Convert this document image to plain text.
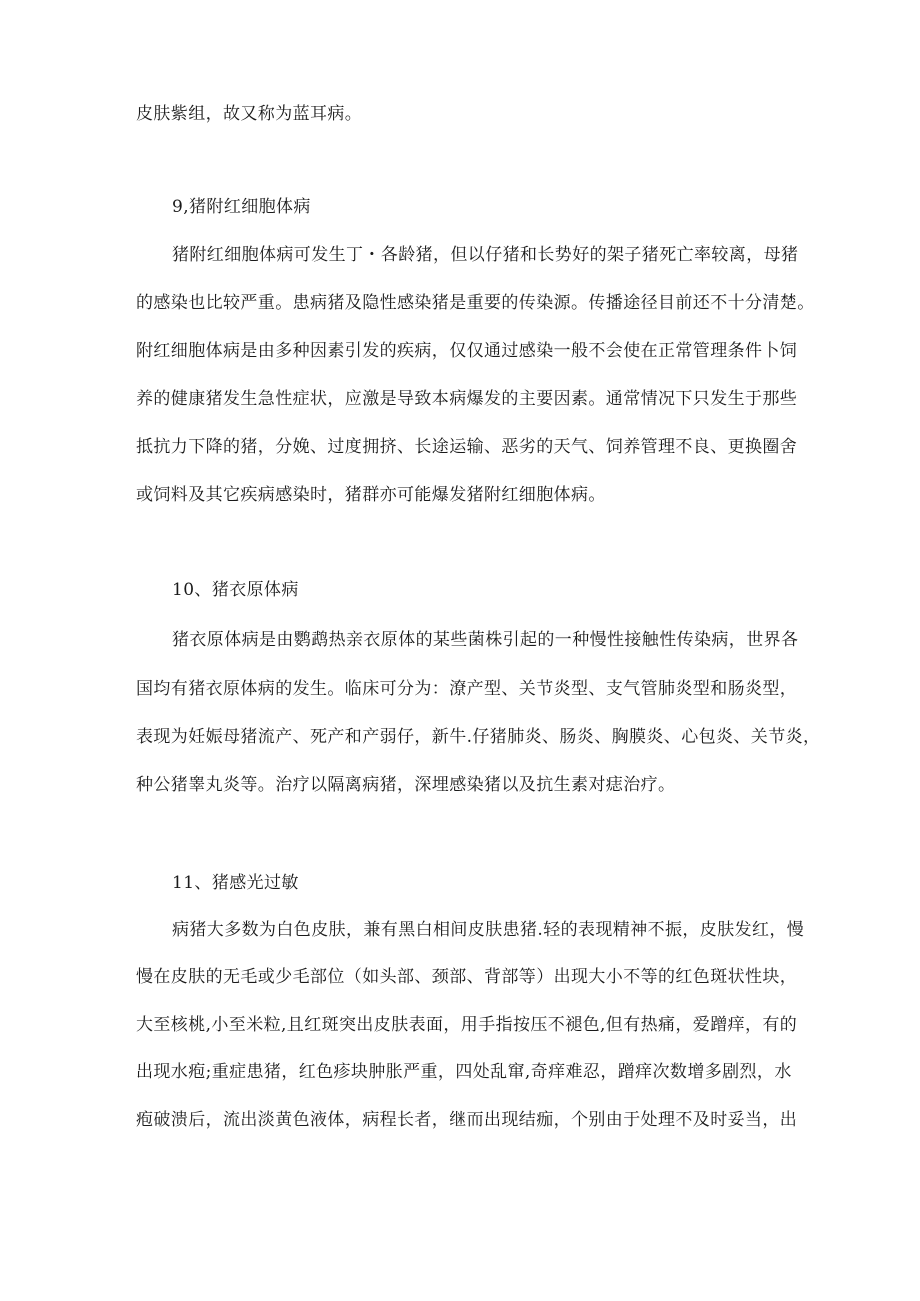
皮肤紫组，故又称为蓝耳病。
9,猪附红细胞体病
猪附红细胞体病可发生丁・各龄猪，但以仔猪和长势好的架子猪死亡率较离，母猪
的感染也比较严重。患病猪及隐性感染猪是重要的传染源。传播途径目前还不十分清楚。
附红细胞体病是由多种因素引发的疾病，仅仅通过感染一般不会使在正常管理条件卜饲
养的健康猪发生急性症状，应激是导致本病爆发的主要因素。通常情况下只发生于那些
抵抗力下降的猪，分娩、过度拥挤、长途运输、恶劣的天气、饲养管理不良、更换圈舍
或饲料及其它疾病感染时，猪群亦可能爆发猪附红细胞体病。
10、猪衣原体病
猪衣原体病是由鹦鹉热亲衣原体的某些菌株引起的一种慢性接触性传染病，世界各
国均有猪衣原体病的发生。临床可分为：潦产型、关节炎型、支气管肺炎型和肠炎型，
表现为妊娠母猪流产、死产和产弱仔，新牛.仔猪肺炎、肠炎、胸膜炎、心包炎、关节炎，
种公猪睾丸炎等。治疗以隔离病猪，深埋感染猪以及抗生素对痣治疗。
11、猪感光过敏
病猪大多数为白色皮肤，兼有黑白相间皮肤患猪.轻的表现精神不振，皮肤发红，慢
慢在皮肤的无毛或少毛部位（如头部、颈部、背部等）出现大小不等的红色斑状性块，
大至核桃,小至米粒,且红斑突出皮肤表面，用手指按压不褪色,但有热痛，爱蹭痒，有的
出现水疱;重症患猪，红色疹块肿胀严重，四处乱窜,奇痒难忍，蹭痒次数增多剧烈，水
疱破溃后，流出淡黄色液体，病程长者，继而出现结痂，个别由于处理不及时妥当，出
